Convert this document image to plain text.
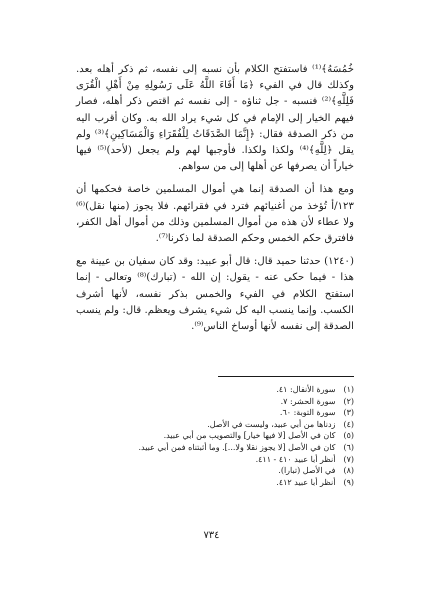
خُمُسَهُ﴾⁽¹⁾ فاستفتح الكلام بأن نسبه إلى نفسه، ثم ذكر أهله بعد. وكذلك قال في الفيء ﴿مَا أَفَاءَ اللَّهُ عَلَى رَسُولِهِ مِنْ أَهْلِ الْقُرَى فَلِلَّهِ﴾⁽²⁾ فنسبه - جل ثناؤه - إلى نفسه ثم اقتص ذكر أهله، فصار فيهم الخيار إلى الإمام في كل شيء يراد الله به. وكان أقرب اليه من ذكر الصدقة فقال: ﴿إِنَّمَا الصَّدَقَاتُ لِلْفُقَرَاءِ وَالْمَسَاكِينِ﴾⁽³⁾ ولم يقل ﴿لِلَّهِ﴾⁽⁴⁾ ولكذا ولكذا. فأوجبها لهم ولم يجعل (لأحد)⁽⁵⁾ فيها خياراً أن يصرفها عن أهلها إلى من سواهم.

ومع هذا أن الصدقة إنما هي أموال المسلمين خاصة فحكمها أن ١٢٣/أ تُؤخذ من أغنيائهم فترد في فقرائهم. فلا يجوز (منها نقل)⁽⁶⁾ ولا عطاء لأن هذه من أموال المسلمين وذلك من أموال أهل الكفر، فافترق حكم الخمس وحكم الصدقة لما ذكرنا⁽⁷⁾.

(١٢٤٠) حدثنا حميد قال: قال أبو عبيد: وقد كان سفيان بن عيينة مع هذا - فيما حكى عنه - يقول: إن الله - (تبارك)⁽⁸⁾ وتعالى - إنما استفتح الكلام في الفيء والخمس بذكر نفسه، لأنها أشرف الكسب. وإنما ينسب اليه كل شيء يشرف ويعظم. قال: ولم ينسب الصدقة إلى نفسه لأنها أوساخ الناس⁽⁹⁾.

(١) سورة الأنفال: ٤١.
(٢) سورة الحشر: ٧.
(٣) سورة التوبة: ٦٠.
(٤) زدناها من أبي عبيد، وليست في الأصل.
(٥) كان في الأصل [لا فيها خيار] والتصويب من أبي عبيد.
(٦) كان في الأصل [لا يجوز نقلا ولا...]. وما أثبتناه فمن أبي عبيد.
(٧) أنظر أبا عبيد ٤١٠ - ٤١١.
(٨) في الأصل (تبارا).
(٩) أنظر أبا عبيد ٤١٢.
٧٣٤
